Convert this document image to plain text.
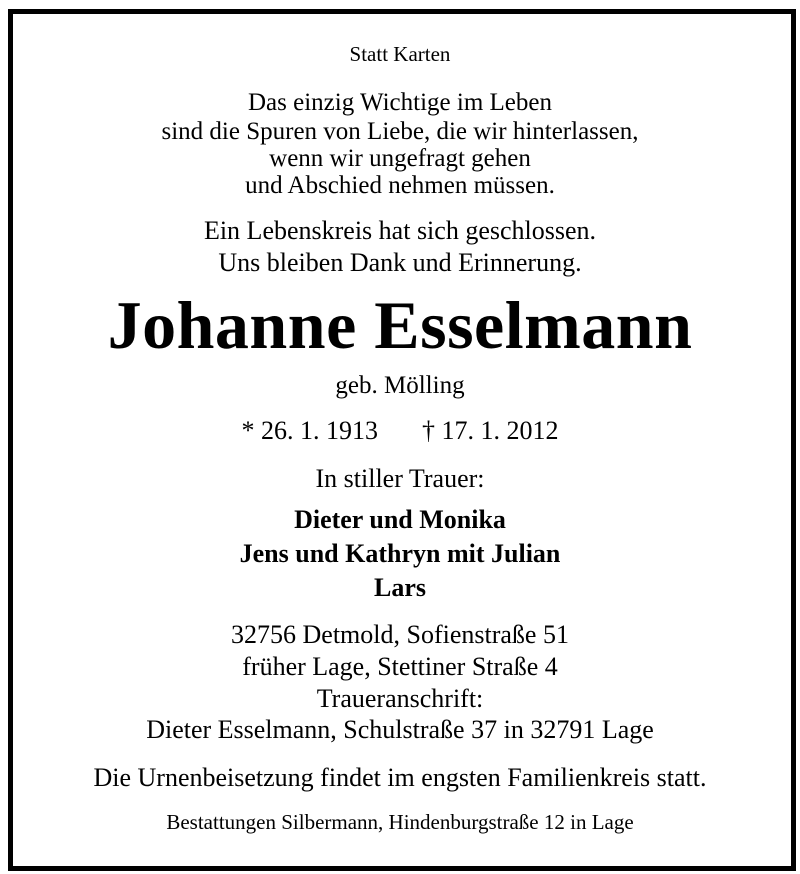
Statt Karten

Das einzig Wichtige im Leben

sind die Spuren von Liebe, die wir hinterlassen,

wenn wir ungefragt gehen

und Abschied nehmen müssen.

Ein Lebenskreis hat sich geschlossen.

Uns bleiben Dank und Erinnerung.

Johanne Esselmann

geb. Mölling

* 26. 1. 1913 † 17. 1. 2012

In stiller Trauer:

Dieter und Monika

Jens und Kathryn mit Julian

Lars

32756 Detmold, Sofienstraße 51

früher Lage, Stettiner Straße 4

Traueranschrift:

Dieter Esselmann, Schulstraße 37 in 32791 Lage

Die Urnenbeisetzung findet im engsten Familienkreis statt.

Bestattungen Silbermann, Hindenburgstraße 12 in Lage
